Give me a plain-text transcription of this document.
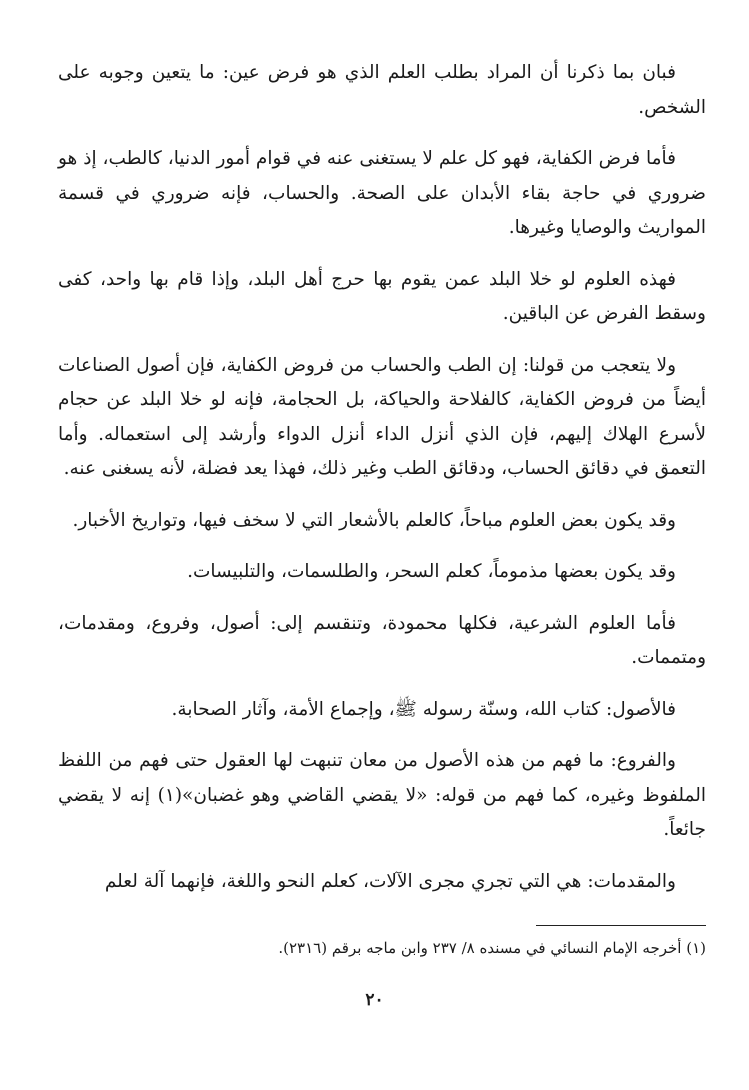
فبان بما ذكرنا أن المراد بطلب العلم الذي هو فرض عين: ما يتعين وجوبه على الشخص.

فأما فرض الكفاية، فهو كل علم لا يستغنى عنه في قوام أمور الدنيا، كالطب، إذ هو ضروري في حاجة بقاء الأبدان على الصحة. والحساب، فإنه ضروري في قسمة المواريث والوصايا وغيرها.

فهذه العلوم لو خلا البلد عمن يقوم بها حرج أهل البلد، وإذا قام بها واحد، كفى وسقط الفرض عن الباقين.

ولا يتعجب من قولنا: إن الطب والحساب من فروض الكفاية، فإن أصول الصناعات أيضاً من فروض الكفاية، كالفلاحة والحياكة، بل الحجامة، فإنه لو خلا البلد عن حجام لأسرع الهلاك إليهم، فإن الذي أنزل الداء أنزل الدواء وأرشد إلى استعماله. وأما التعمق في دقائق الحساب، ودقائق الطب وغير ذلك، فهذا يعد فضلة، لأنه يسغنى عنه.

وقد يكون بعض العلوم مباحاً، كالعلم بالأشعار التي لا سخف فيها، وتواريخ الأخبار.

وقد يكون بعضها مذموماً، كعلم السحر، والطلسمات، والتلبيسات.

فأما العلوم الشرعية، فكلها محمودة، وتنقسم إلى: أصول، وفروع، ومقدمات، ومتممات.

فالأصول: كتاب الله، وسنّة رسوله ﷺ، وإجماع الأمة، وآثار الصحابة.

والفروع: ما فهم من هذه الأصول من معان تنبهت لها العقول حتى فهم من اللفظ الملفوظ وغيره، كما فهم من قوله: «لا يقضي القاضي وهو غضبان»(١) إنه لا يقضي جائعاً.

والمقدمات: هي التي تجري مجرى الآلات، كعلم النحو واللغة، فإنهما آلة لعلم

(١) أخرجه الإمام النسائي في مسنده ٨/ ٢٣٧ وابن ماجه برقم (٢٣١٦).
٢٠
